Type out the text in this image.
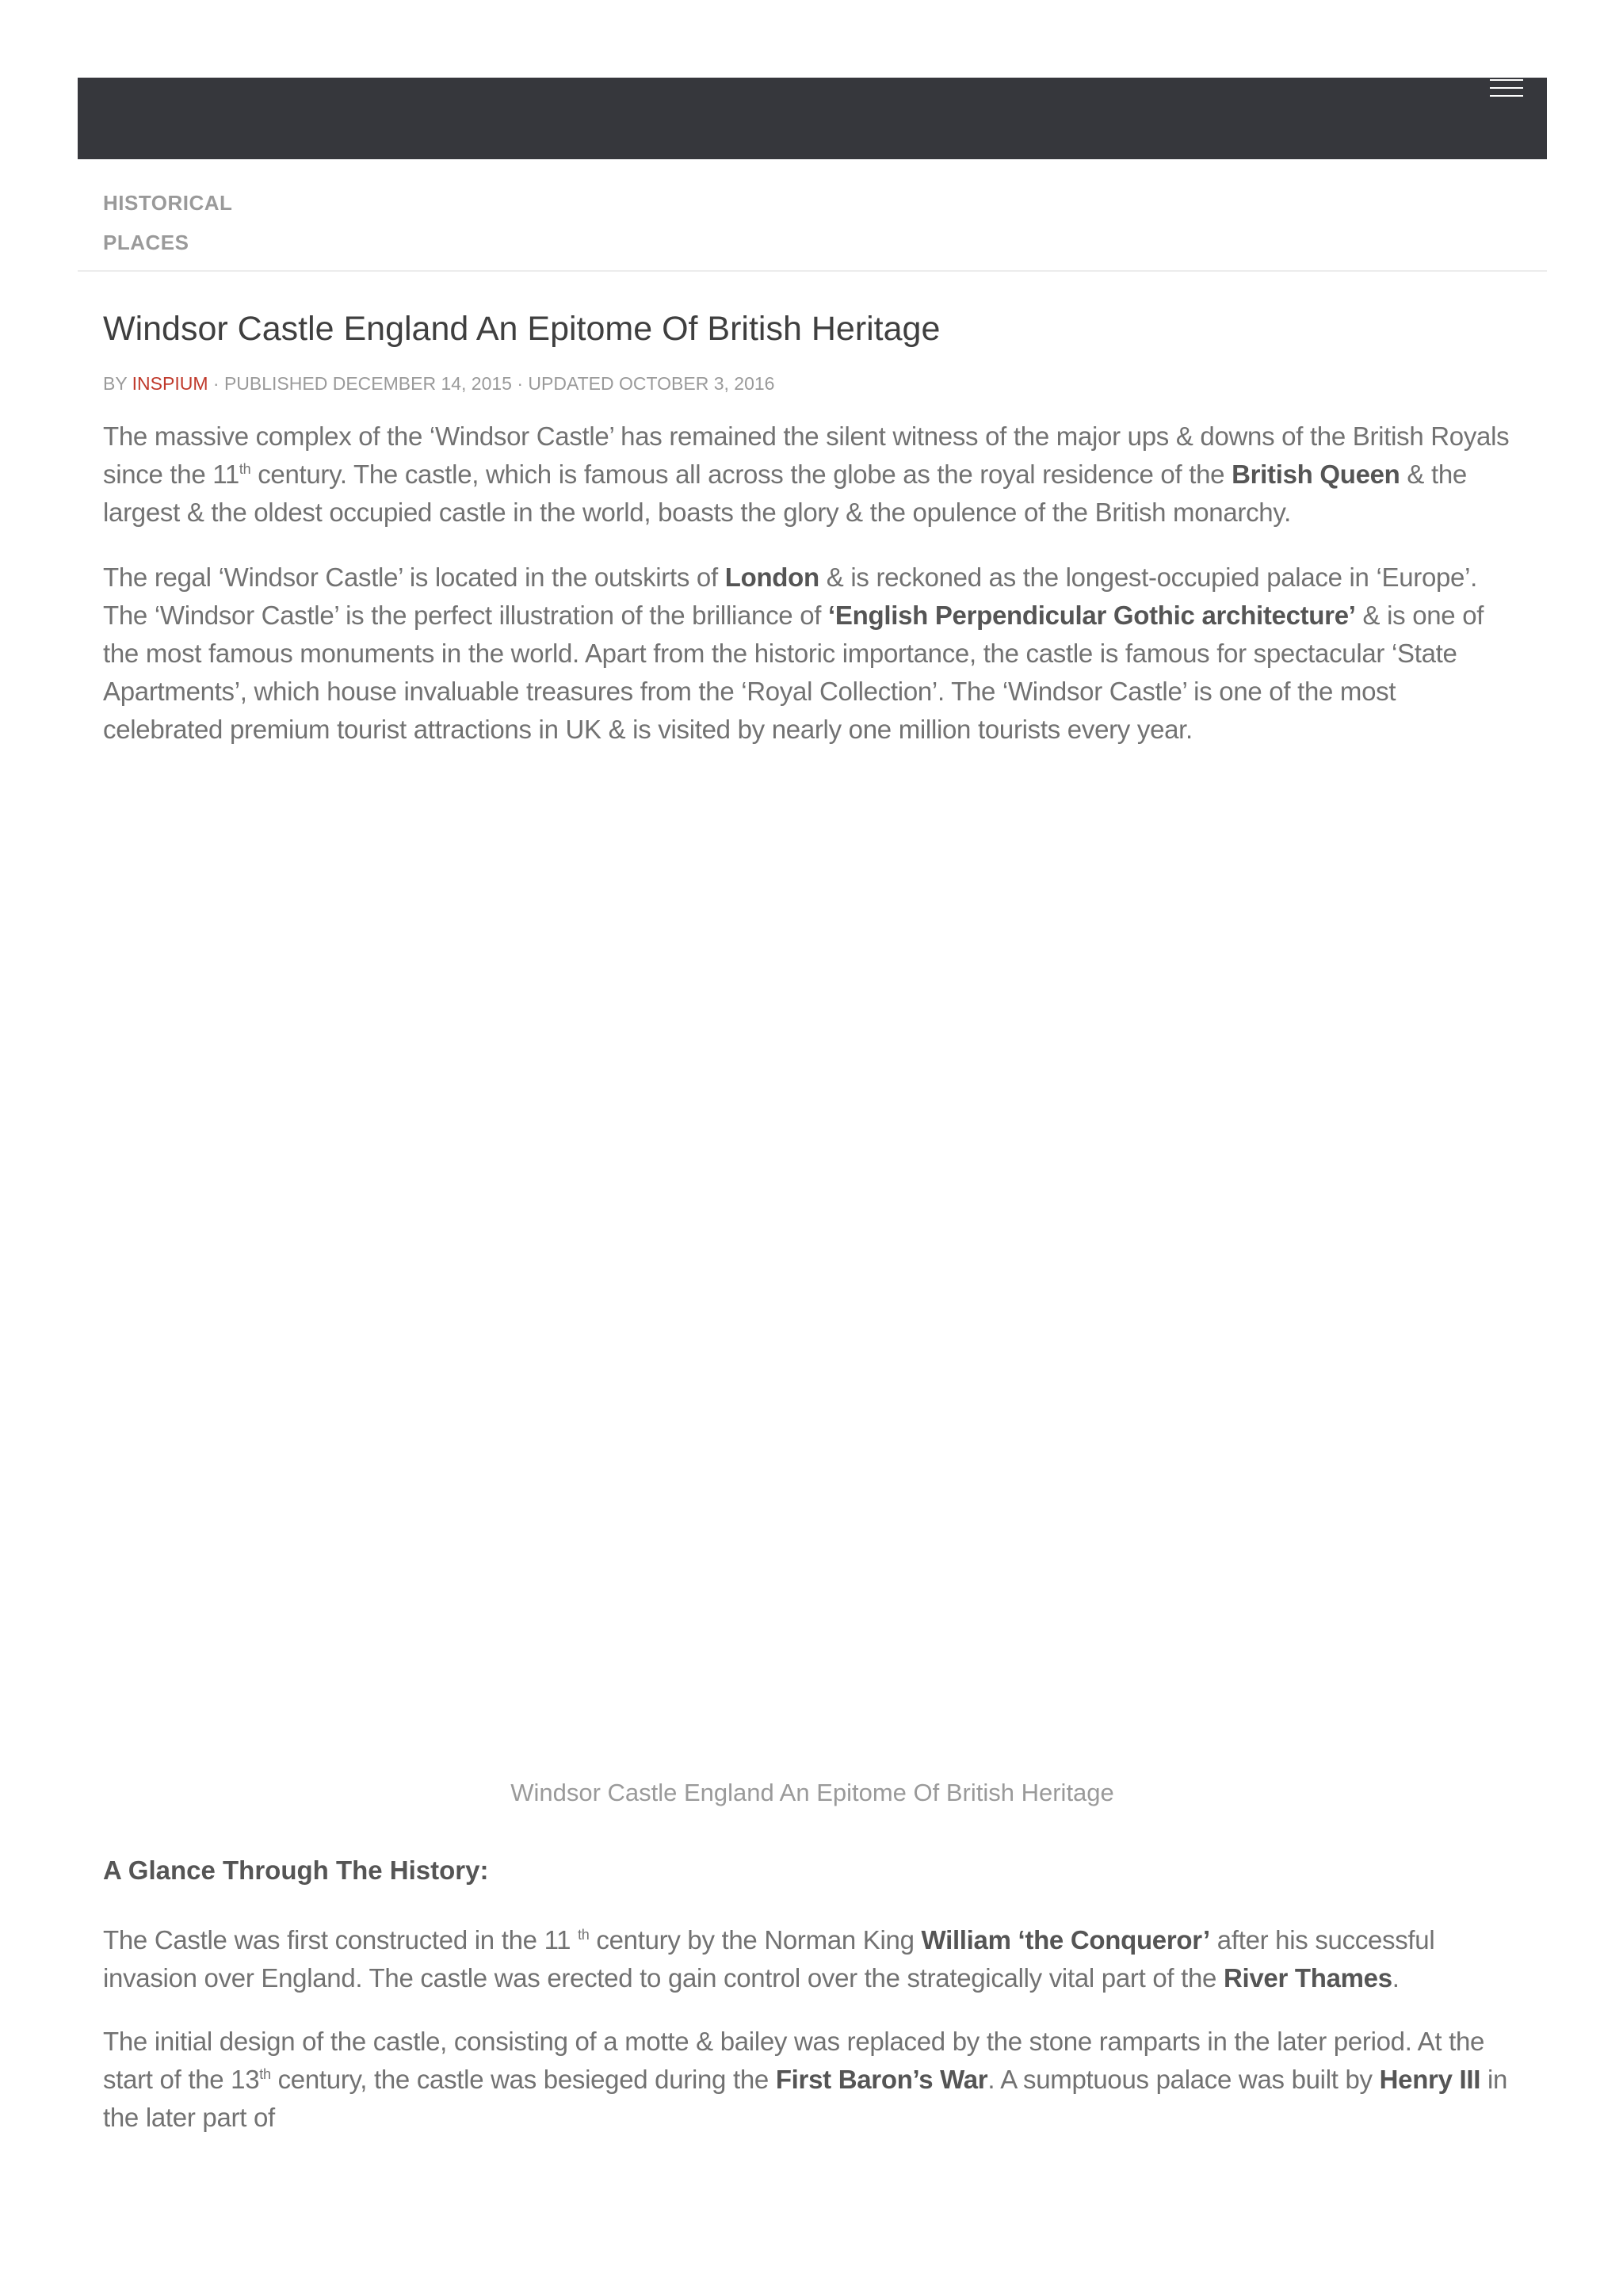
HISTORICAL
PLACES
Windsor Castle England An Epitome Of British Heritage
BY INSPIUM · PUBLISHED DECEMBER 14, 2015 · UPDATED OCTOBER 3, 2016

The massive complex of the ‘Windsor Castle’ has remained the silent witness of the major ups & downs of the British Royals since the 11th century. The castle, which is famous all across the globe as the royal residence of the British Queen & the largest & the oldest occupied castle in the world, boasts the glory & the opulence of the British monarchy.

The regal ‘Windsor Castle’ is located in the outskirts of London & is reckoned as the longest-occupied palace in ‘Europe’. The ‘Windsor Castle’ is the perfect illustration of the brilliance of ‘English Perpendicular Gothic architecture’ & is one of the most famous monuments in the world. Apart from the historic importance, the castle is famous for spectacular ‘State Apartments’, which house invaluable treasures from the ‘Royal Collection’. The ‘Windsor Castle’ is one of the most celebrated premium tourist attractions in UK & is visited by nearly one million tourists every year.

Windsor Castle England An Epitome Of British Heritage
A Glance Through The History:

The Castle was first constructed in the 11 $^{th}$ century by the Norman King William ‘the Conqueror’ after his successful invasion over England. The castle was erected to gain control over the strategically vital part of the River Thames.

The initial design of the castle, consisting of a motte & bailey was replaced by the stone ramparts in the later period. At the start of the 13th century, the castle was besieged during the First Baron’s War. A sumptuous palace was built by Henry III in the later part of
